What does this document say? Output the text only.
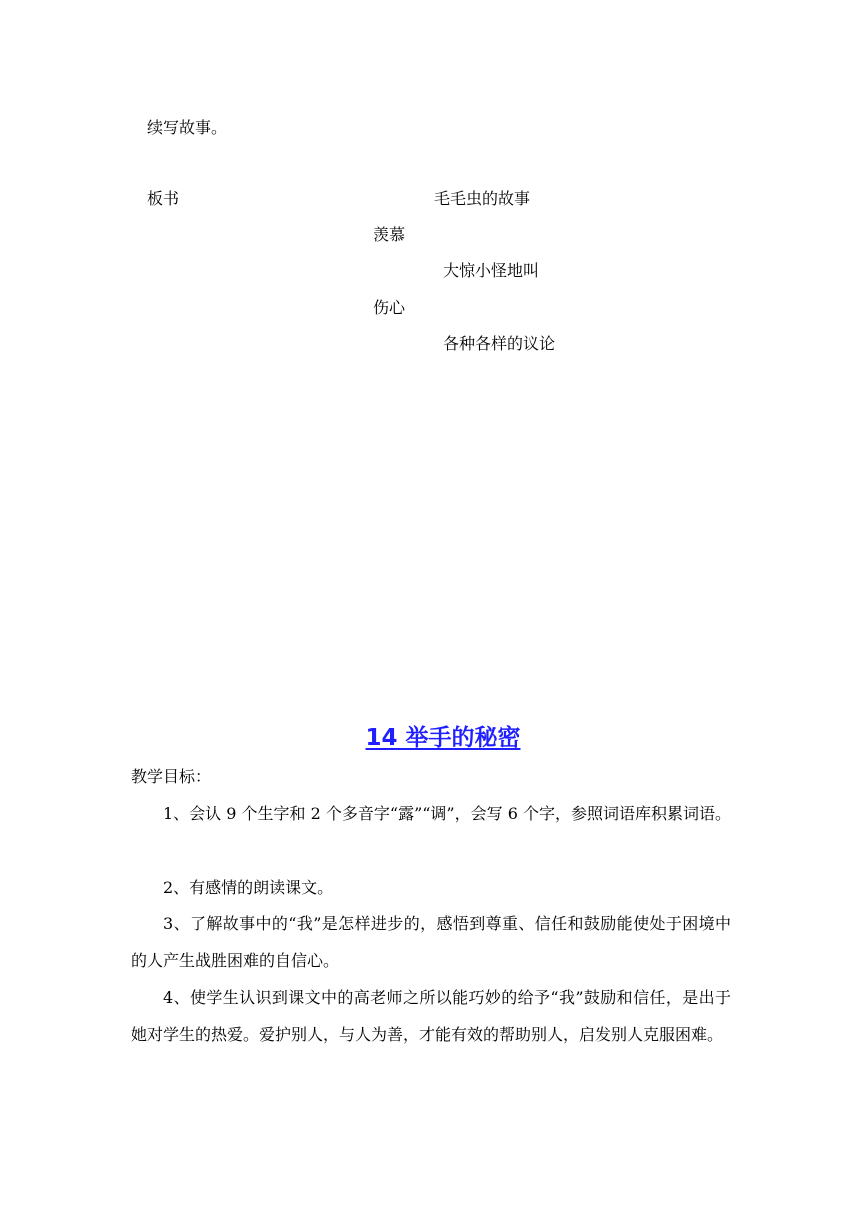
续写故事。
板书	毛毛虫的故事
羡慕
大惊小怪地叫
伤心
各种各样的议论
14 举手的秘密
教学目标：
1、会认 9 个生字和 2 个多音字“露”“调”，会写 6 个字，参照词语库积累词语。
2、有感情的朗读课文。
3、了解故事中的“我”是怎样进步的，感悟到尊重、信任和鼓励能使处于困境中的人产生战胜困难的自信心。
4、使学生认识到课文中的高老师之所以能巧妙的给予“我”鼓励和信任，是出于她对学生的热爱。爱护别人，与人为善，才能有效的帮助别人，启发别人克服困难。
